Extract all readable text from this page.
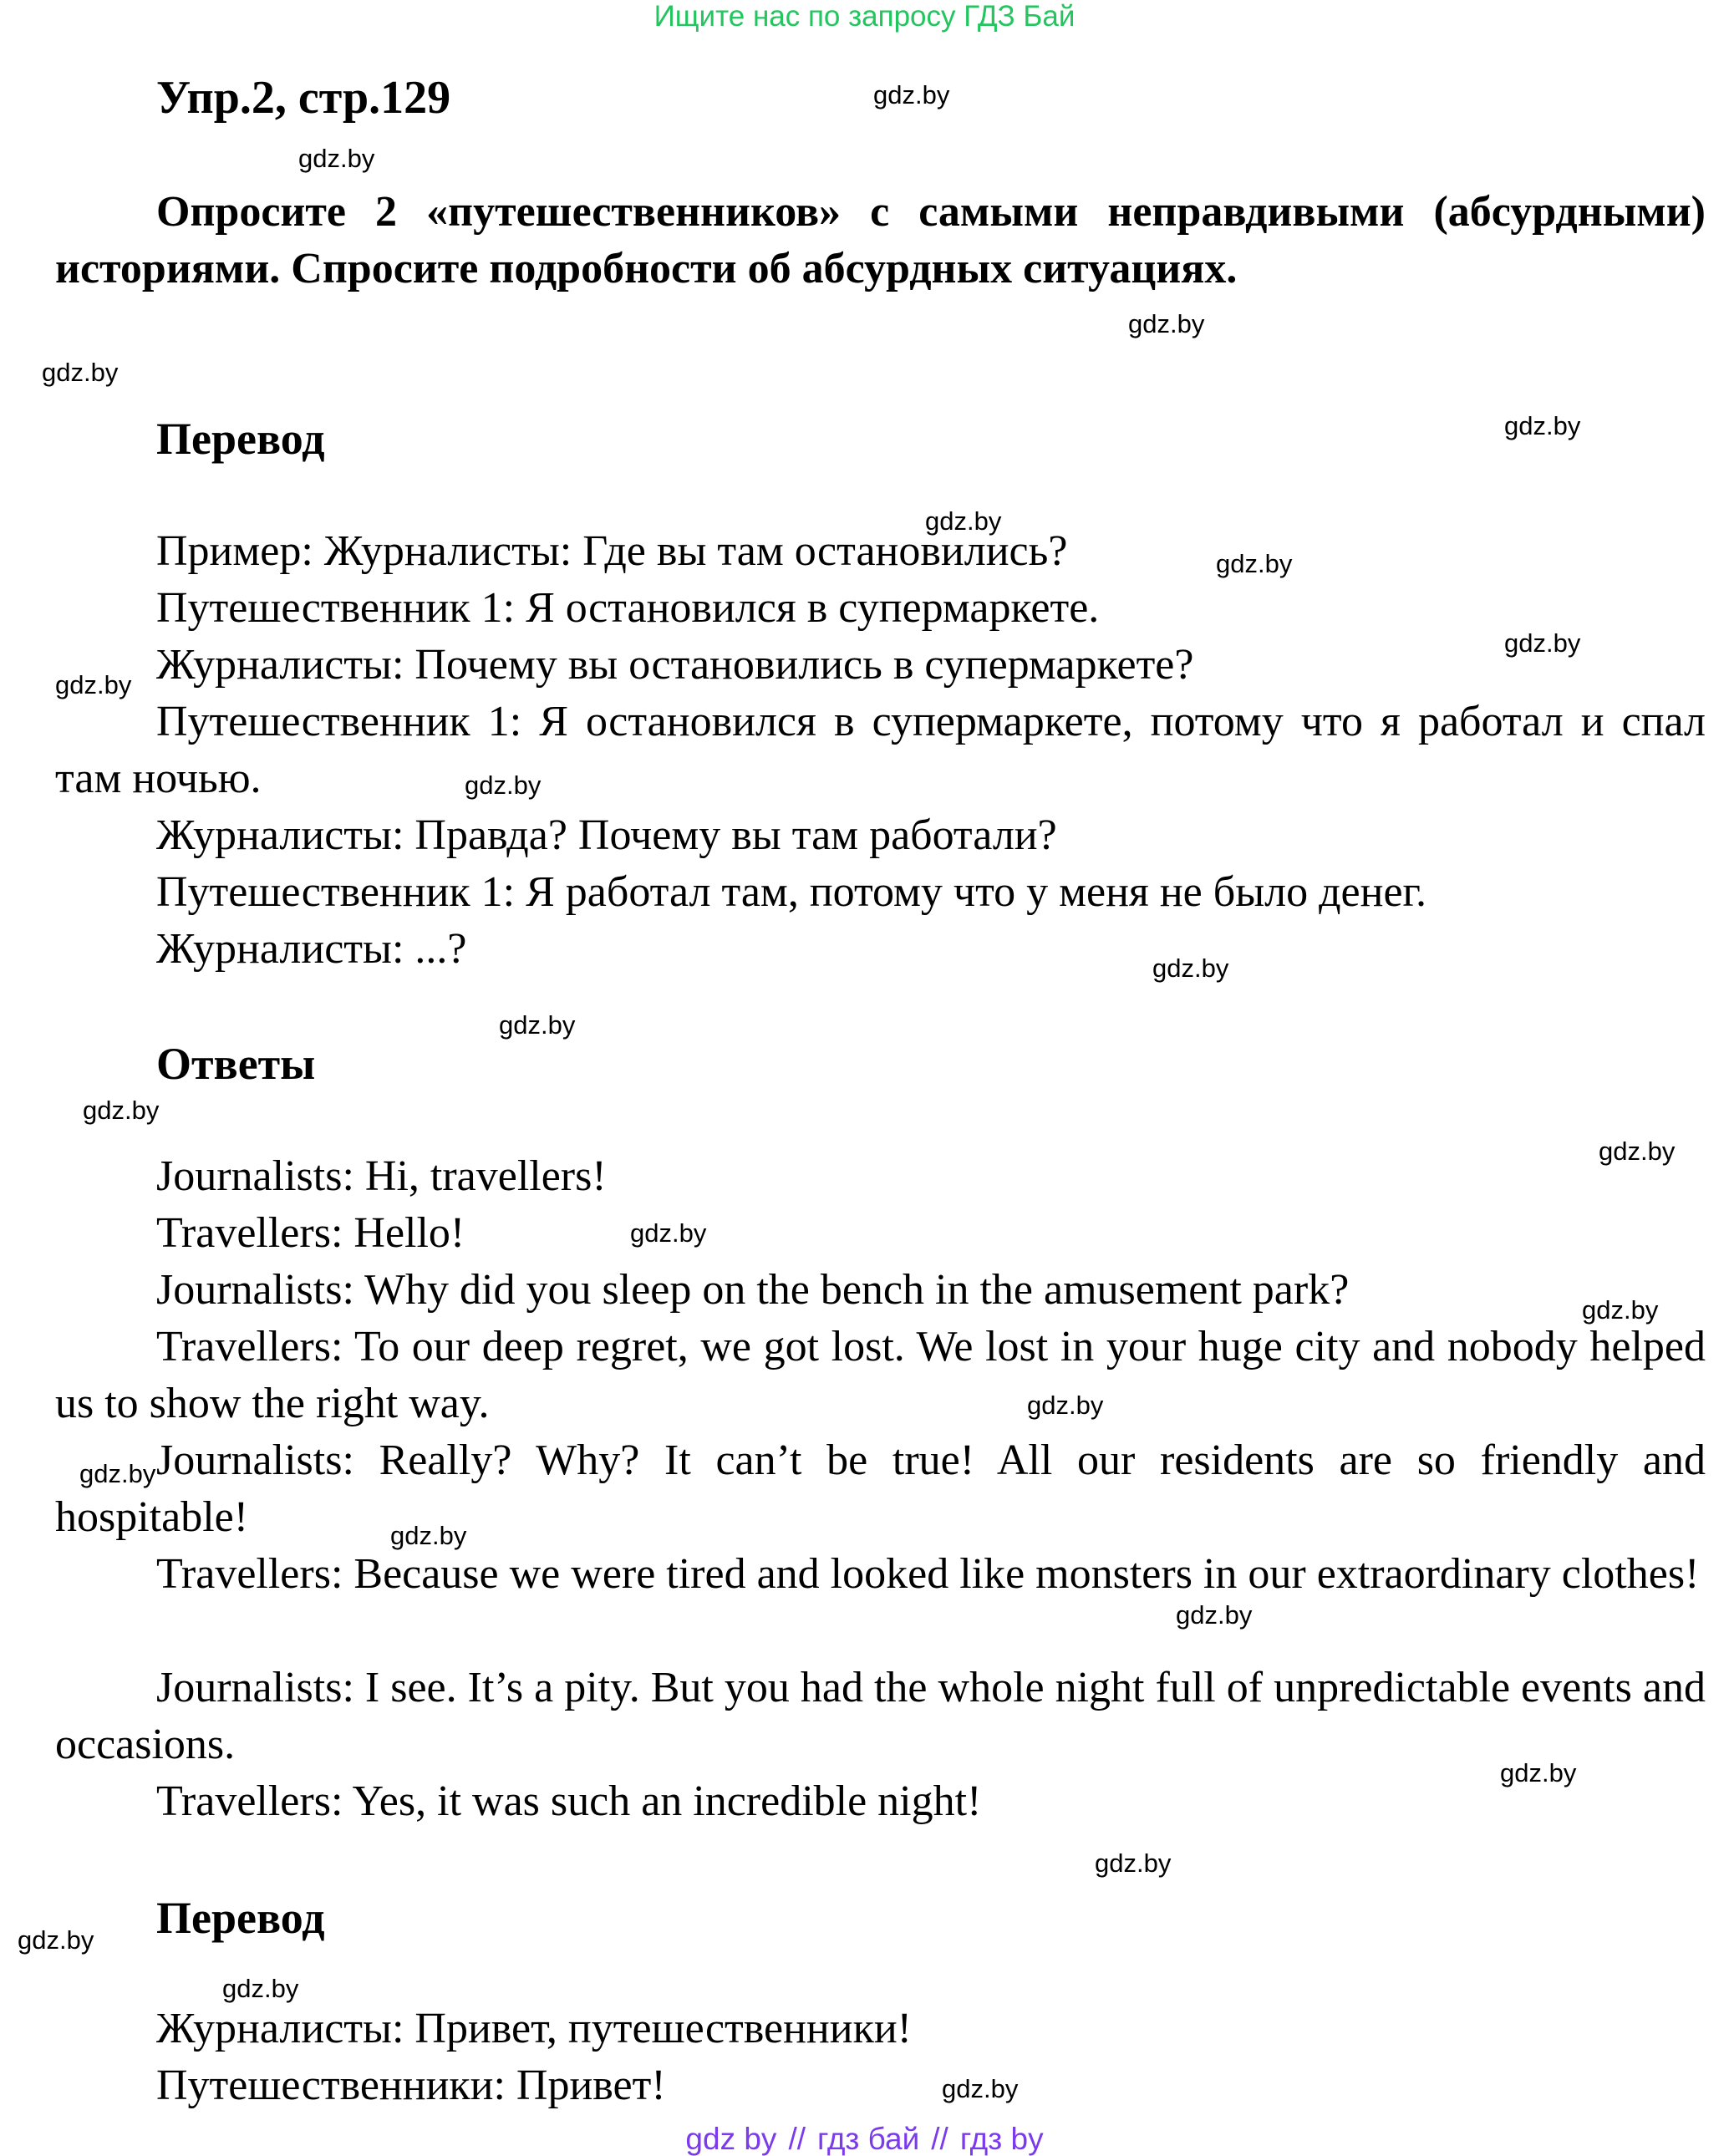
Ищите нас по запросу ГДЗ Бай
Упр.2, стр.129
Опросите 2 «путешественников» с самыми неправдивыми (абсурдными) историями. Спросите подробности об абсурдных ситуациях.
Перевод
Пример: Журналисты: Где вы там остановились?
Путешественник 1: Я остановился в супермаркете.
Журналисты: Почему вы остановились в супермаркете?
Путешественник 1: Я остановился в супермаркете, потому что я работал и спал там ночью.
Журналисты: Правда? Почему вы там работали?
Путешественник 1: Я работал там, потому что у меня не было денег.
Журналисты: ...?
Ответы
Journalists: Hi, travellers!
Travellers: Hello!
Journalists: Why did you sleep on the bench in the amusement park?
Travellers: To our deep regret, we got lost. We lost in your huge city and nobody helped us to show the right way.
Journalists: Really? Why? It can’t be true! All our residents are so friendly and hospitable!
Travellers: Because we were tired and looked like monsters in our extraordinary clothes!
Journalists: I see. It’s a pity. But you had the whole night full of unpredictable events and occasions.
Travellers: Yes, it was such an incredible night!
Перевод
Журналисты: Привет, путешественники!
Путешественники: Привет!
gdz.by
gdz.by
gdz.by
gdz.by
gdz.by
gdz.by
gdz.by
gdz.by
gdz.by
gdz.by
gdz.by
gdz.by
gdz.by
gdz.by
gdz.by
gdz.by
gdz.by
gdz.by
gdz.by
gdz.by
gdz.by
gdz.by
gdz.by
gdz.by
gdz.by
gdz by // гдз бай // гдз by
